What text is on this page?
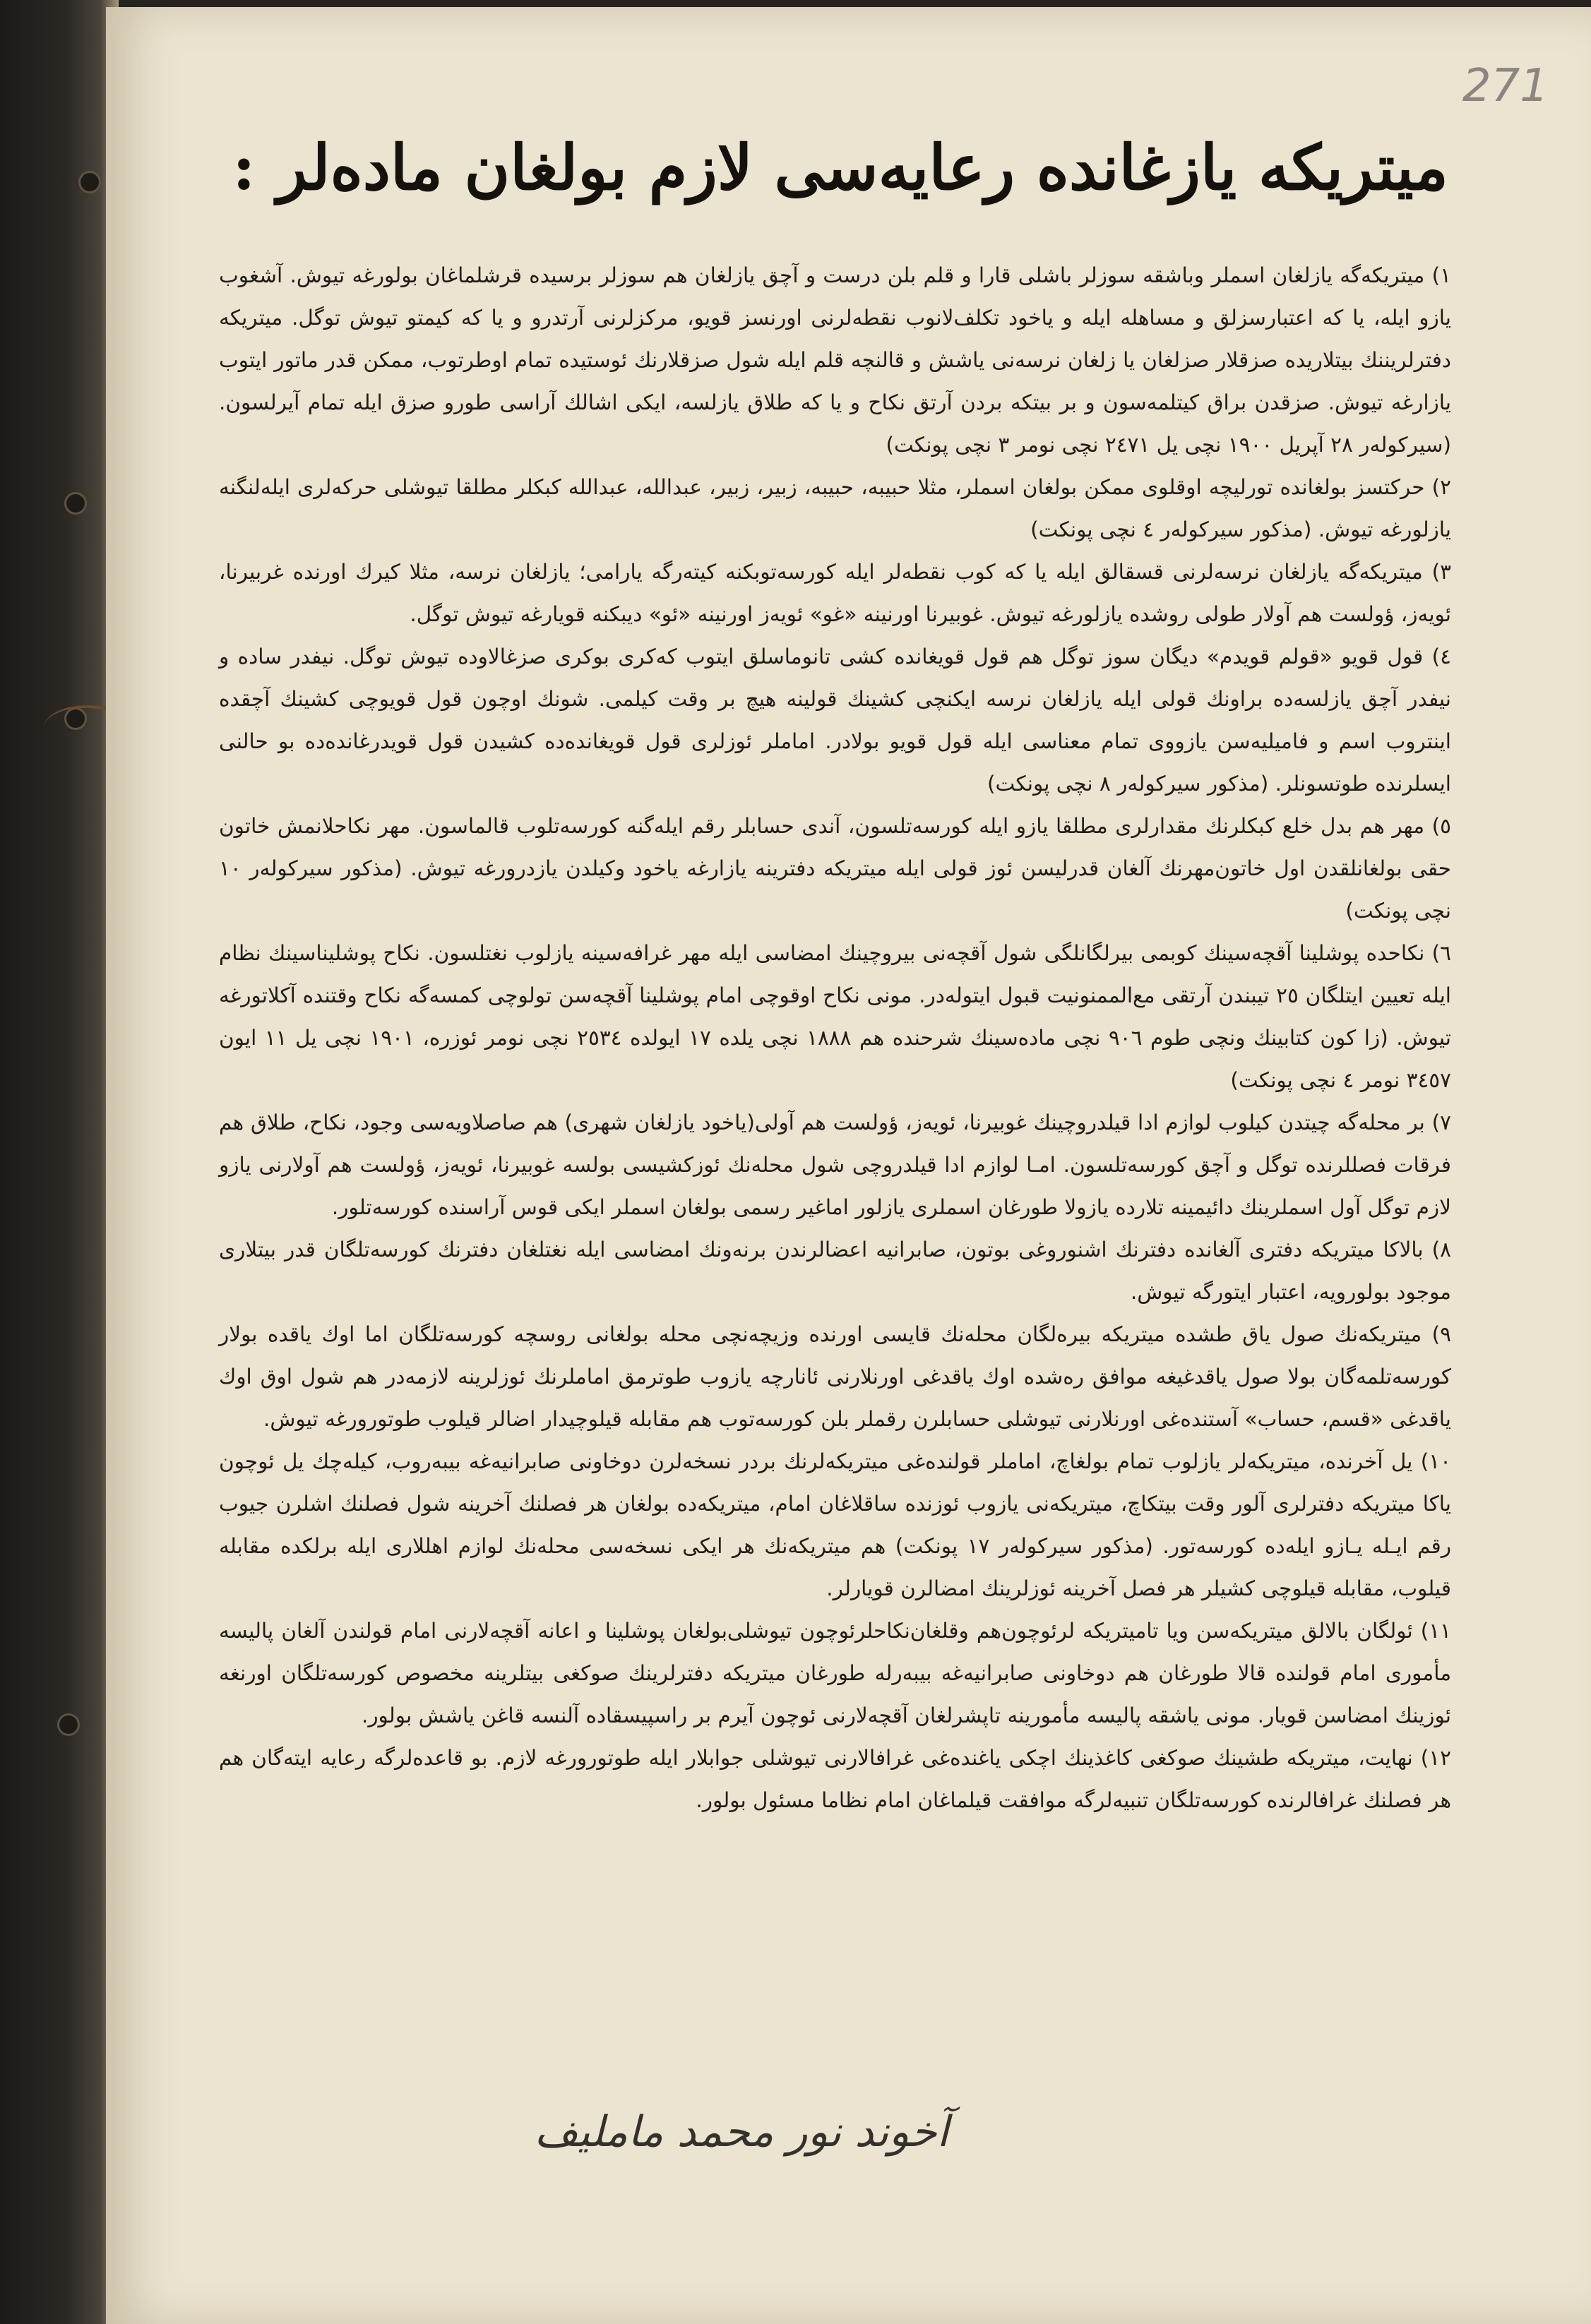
271
میتریکه یازغانده رعایه‌سی لازم بولغان ماده‌لر :

١) میتریکه‌گه یازلغان اسملر وباشقه سوزلر باشلی قارا و قلم بلن درست و آچق یازلغان هم سوزلر برسیده قرشلماغان بولورغه تیوش. آشغوب یازو ایله، یا که اعتبارسزلق و مساهله ایله و یاخود تکلف‌لانوب نقطه‌لرنی اورنسز قویو، مرکزلرنی آرتدرو و یا که کیمتو تیوش توگل. میتریکه دفترلریننك بیتلاریده صزقلار صزلغان یا زلغان نرسه‌نی یاشش و قالنچه قلم ایله شول صزقلارنك ئوستیده تمام اوطرتوب، ممکن قدر ماتور ایتوب یازارغه تیوش. صزقدن براق کیتلمه‌سون و بر بیتکه بردن آرتق نکاح و یا که طلاق یازلسه، ایکی اشالك آراسی طورو صزق ایله تمام آیرلسون. (سیرکوله‌ر ٢٨ آپریل ١٩٠٠ نچی یل ٢٤٧١ نچی نومر ٣ نچی پونکت)

٢) حرکتسز بولغانده‌ تورلیچه اوقلوی ممکن بولغان اسملر، مثلا حبیبه، حبیبه، زبیر، زبیر، عبدالله، عبدالله کبکلر مطلقا تیوشلی حرکه‌لری ایله‌لنگنه یازلورغه تیوش. (مذکور سیرکوله‌ر ٤ نچی پونکت)

٣) میتریکه‌گه یازلغان نرسه‌لرنی قسقالق ایله یا که کوب نقطه‌لر ایله کورسه‌توبکنه کیته‌رگه یارامی؛ یازلغان نرسه، مثلا کیرك اورنده غربیرنا، ئویه‌ز، ؤولست هم آولار طولی روشده یازلورغه تیوش. غوبیرنا اورنینه «غو» ئویه‌ز اورنینه «ئو» دیبکنه قویارغه تیوش توگل.

٤) قول قویو «قولم قویدم» دیگان سوز توگل هم قول قویغانده کشی تانوماسلق ایتوب که‌کری بوکری صزغالاوده تیوش توگل. نیفدر ساده و نیفدر آچق یازلسه‌ده براونك قولی ایله یازلغان نرسه ایکنچی کشینك قولینه هیچ بر وقت کیلمی. شونك اوچون قول قویوچی کشینك آچقده اینتروب اسم و فامیلیه‌سن یازووی تمام معناسی ایله قول قویو بولادر. اماملر ئوزلری قول قویغانده‌ده کشیدن قول قویدرغانده‌ده بو حالنی ایسلرنده طوتسونلر. (مذکور سیرکوله‌ر ٨ نچی پونکت)

٥) مهر هم بدل خلع کبکلرنك مقدارلری مطلقا یازو ایله کورسه‌تلسون، آندی حسابلر رقم ایله‌گنه کورسه‌تلوب قالماسون. مهر نکاحلانمش خاتون حقی بولغانلقدن اول خاتون‌مهرنك آلغان قدرلیسن ئوز قولی ایله میتریکه دفترینه یازارغه یاخود وکیلدن یازدرورغه تیوش. (مذکور سیرکوله‌ر ١٠ نچی پونکت)

٦) نکاحده پوشلینا آقچه‌سینك کوبمی بیرلگانلگی شول آقچه‌نی بیروچینك امضاسی ایله مهر غرافه‌سینه یازلوب نغتلسون. نکاح پوشلیناسینك نظام ایله تعیین ایتلگان ٢٥ تیبندن آرتقی مع‌الممنونیت قبول ایتوله‌در. مونی نکاح اوقوچی امام پوشلینا آقچه‌سن تولوچی کمسه‌گه نکاح وقتنده آکلاتورغه تیوش. (زا کون کتابینك ونچی طوم ٩٠٦ نچی ماده‌سینك شرحنده هم ١٨٨٨ نچی یلده ١٧ ایولده ٢٥٣٤ نچی نومر ئوزره، ١٩٠١ نچی یل ١١ ایون ٣٤٥٧ نومر ٤ نچی پونکت)

٧) بر محله‌گه چیتدن کیلوب لوازم ادا قیلدروچینك غوبیرنا، ئویه‌ز، ؤولست هم آولی(یاخود یازلغان شهری) هم صاصلاویه‌سی وجود، نکاح، طلاق هم فرقات فصللرنده توگل و آچق کورسه‌تلسون. امـا لوازم ادا قیلدروچی شول محله‌نك ئوزکشیسی بولسه غوبیرنا، ئویه‌ز، ؤولست هم آولارنی یازو لازم توگل آول اسملرینك دائیمینه تلارده یازولا طورغان اسملری یازلور اماغیر رسمی بولغان اسملر ایکی قوس آراسنده کورسه‌تلور.

٨) بالاکا میتریکه دفتری آلغانده دفترنك اشنوروغی بوتون، صابرانیه اعضالرندن برنه‌ونك امضاسی ایله نغتلغان دفترنك کورسه‌تلگان قدر بیتلاری موجود بولورویه، اعتبار ایتورگه تیوش.

٩) میتریکه‌نك صول یاق طشده میتریکه بیره‌لگان محله‌نك قایسی اورنده وزیچه‌نچی محله بولغانی روسچه کورسه‌تلگان اما اوك یاقده بولار کورسه‌تلمه‌گان بولا صول یاقدغیغه موافق ره‌شده اوك یاقدغی اورنلارنی ئانارچه یازوب طوترمق اماملرنك ئوزلرینه لازمه‌در هم شول اوق اوك یاقدغی «قسم، حساب» آستنده‌غی اورنلارنی تیوشلی حسابلرن رقملر بلن کورسه‌توب هم مقابله قیلوچیدار اضالر قیلوب طوتورورغه تیوش.

١٠) یل آخرنده، میتریکه‌لر یازلوب تمام بولغاچ، اماملر قولنده‌غی میتریکه‌لرنك بردر نسخه‌لرن دوخاونی صابرانیه‌غه بیبه‌روب، کیله‌چك یل ئوچون یاکا میتریکه دفترلری آلور وقت بیتکاچ، میتریکه‌نی یازوب ئوزنده ساقلاغان امام، میتریکه‌ده بولغان هر فصلنك آخرینه شول فصلنك اشلرن جیوب رقم ایـله یـازو ایله‌ده کورسه‌تور. (مذکور سیرکوله‌ر ١٧ پونکت) هم میتریکه‌نك هر ایکی نسخه‌سی محله‌نك لوازم اهللاری ایله برلکده مقابله قیلوب، مقابله قیلوچی کشیلر هر فصل آخرینه ئوزلرینك امضالرن قویارلر.

١١) ئولگان بالالق میتریکه‌سن ویا تامیتریکه لرئوچون‌هم وقلغان‌نکاحلرئوچون تیوشلی‌بولغان پوشلینا و اعانه آقچه‌لارنی امام قولندن آلغان پالیسه مأموری امام قولنده قالا طورغان هم دوخاونی صابرانیه‌غه بیبه‌رله طورغان میتریکه دفترلرینك صوكغی بیتلرینه مخصوص کورسه‌تلگان اورنغه ئوزینك امضاسن قویار. مونی یاشقه پالیسه مأمورینه تاپشرلغان آقچه‌لارنی ئوچون آیرم بر راسپیسقاده آلنسه قاغن یاشش بولور.

١٢) نهایت، میتریکه طشینك صوكغی کاغذینك اچکی یاغنده‌غی غرافالارنی تیوشلی جوابلار ایله طوتورورغه لازم. بو قاعده‌لرگه رعایه ایته‌گان هم هر فصلنك غرافالرنده کورسه‌تلگان تنبیه‌لرگه موافقت قیلماغان امام نظاما مسئول بولور.

آخوند نور محمد ماملیف
